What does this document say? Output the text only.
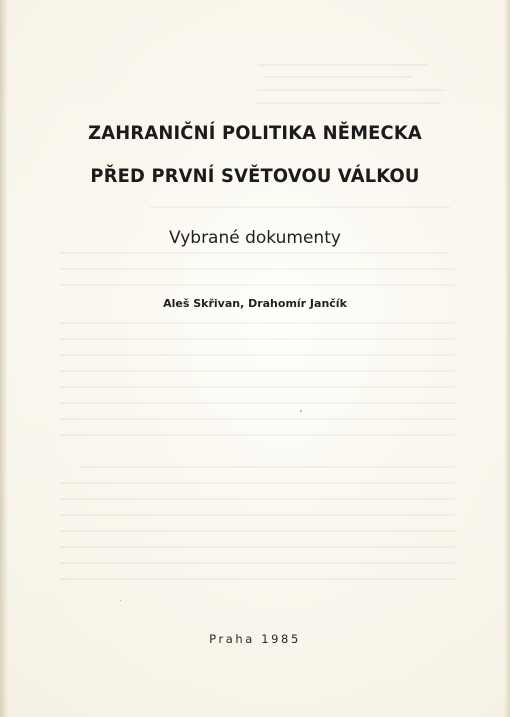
ZAHRANIČNÍ POLITIKA NĚMECKA
PŘED PRVNÍ SVĚTOVOU VÁLKOU

Vybrané dokumenty

Aleš Skřivan, Drahomír Jančík

Praha 1985
